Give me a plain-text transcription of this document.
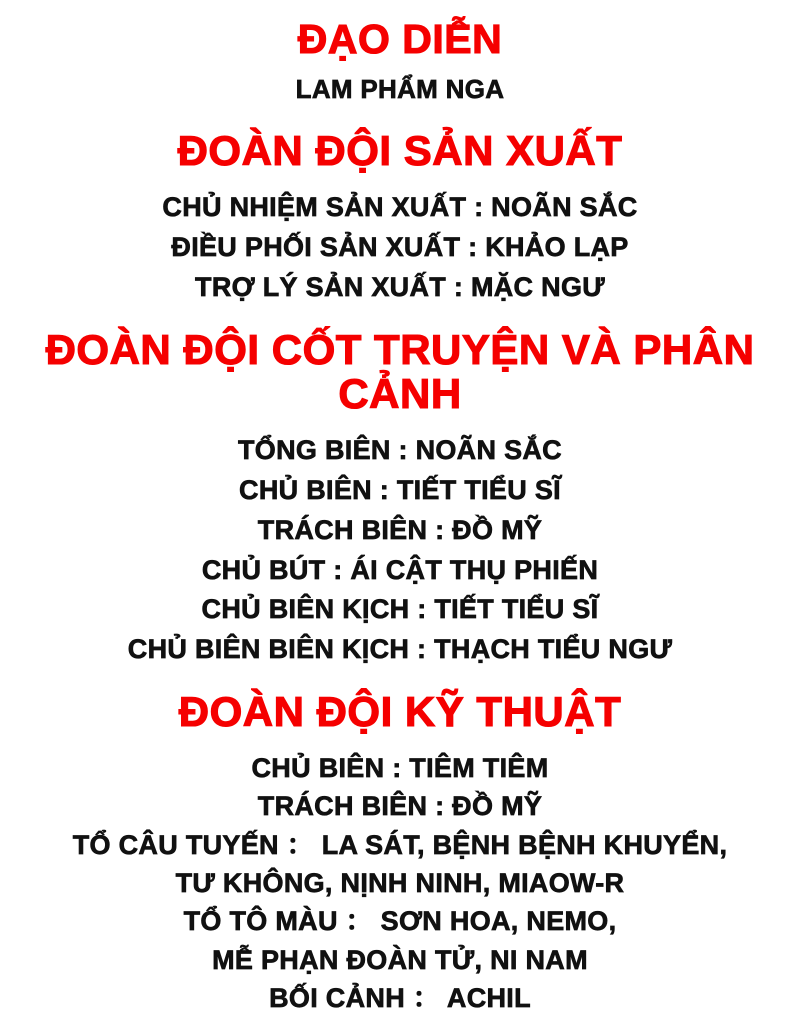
ĐẠO DIỄN
LAM PHẨM NGA
ĐOÀN ĐỘI SẢN XUẤT
CHỦ NHIỆM SẢN XUẤT : NOÃN SẮC
ĐIỀU PHỐI SẢN XUẤT : KHẢO LẠP
TRỢ LÝ SẢN XUẤT : MẶC NGƯ
ĐOÀN ĐỘI CỐT TRUYỆN VÀ PHÂN CẢNH
TỔNG BIÊN : NOÃN SẮC
CHỦ BIÊN : TIẾT TIỂU SĨ
TRÁCH BIÊN : ĐỒ MỸ
CHỦ BÚT : ÁI CẬT THỤ PHIẾN
CHỦ BIÊN KỊCH : TIẾT TIỂU SĨ
CHỦ BIÊN BIÊN KỊCH : THẠCH TIỂU NGƯ
ĐOÀN ĐỘI KỸ THUẬT
CHỦ BIÊN : TIÊM TIÊM
TRÁCH BIÊN : ĐỒ MỸ
TỔ CÂU TUYẾN ： LA SÁT, BỆNH BỆNH KHUYỂN,
TƯ KHÔNG, NỊNH NINH, MIAOW-R
TỔ TÔ MÀU ： SƠN HOA, NEMO,
MỄ PHẠN ĐOÀN TỬ, NI NAM
BỐI CẢNH ： ACHIL
